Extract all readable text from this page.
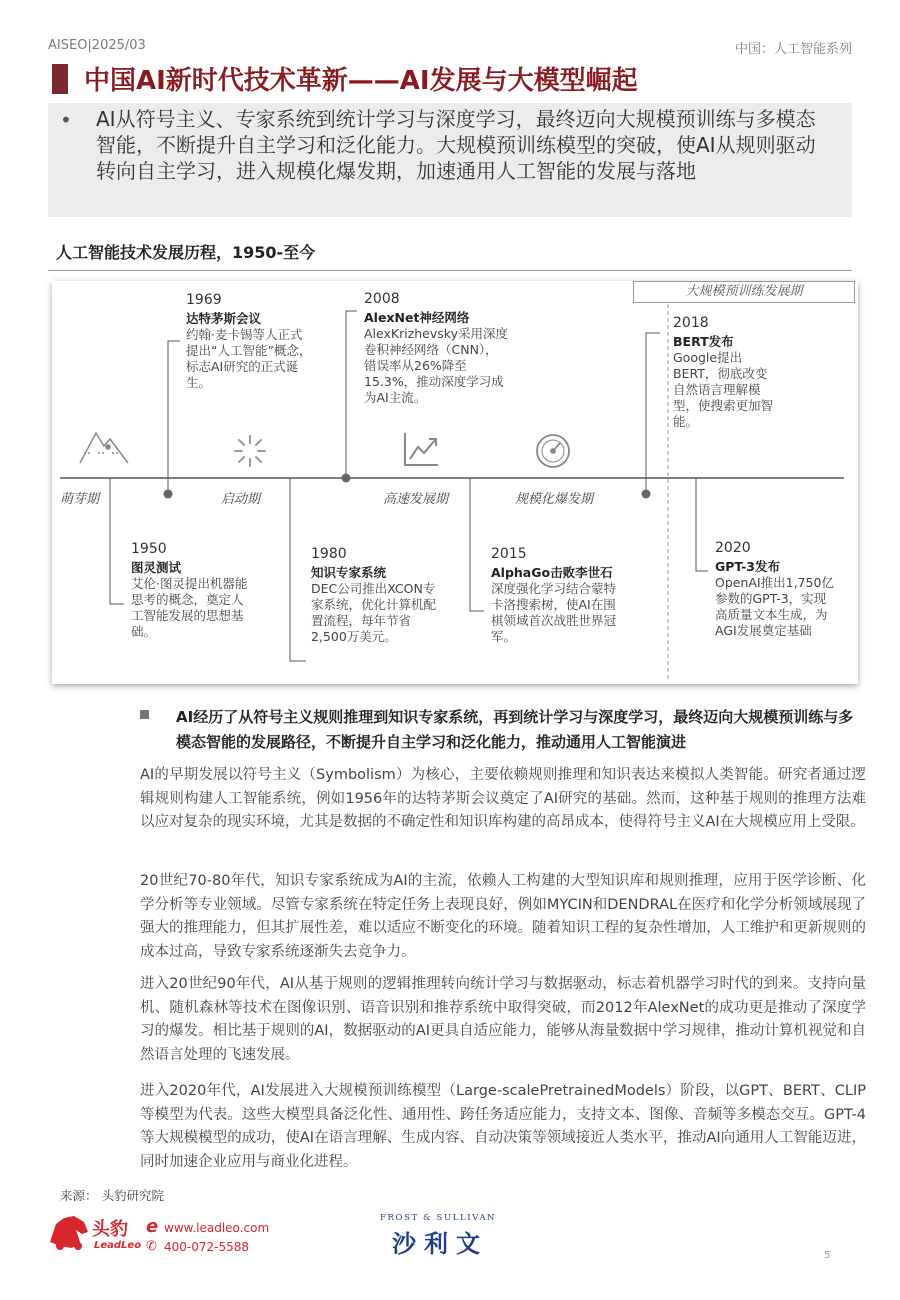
AISEO|2025/03	中国：人工智能系列
中国AI新时代技术革新——AI发展与大模型崛起
• AI从符号主义、专家系统到统计学习与深度学习，最终迈向大规模预训练与多模态智能，不断提升自主学习和泛化能力。大规模预训练模型的突破，使AI从规则驱动转向自主学习，进入规模化爆发期，加速通用人工智能的发展与落地
人工智能技术发展历程，1950-至今
大规模预训练发展期
萌芽期	启动期	高速发展期	规模化爆发期
1969
达特茅斯会议
约翰·麦卡锡等人正式提出“人工智能”概念，标志AI研究的正式诞生。
2008
AlexNet神经网络
AlexKrizhevsky采用深度卷积神经网络（CNN），错误率从26%降至15.3%，推动深度学习成为AI主流。
2018
BERT发布
Google提出BERT，彻底改变自然语言理解模型，使搜索更加智能。
1950
图灵测试
艾伦·图灵提出机器能思考的概念，奠定人工智能发展的思想基础。
1980
知识专家系统
DEC公司推出XCON专家系统，优化计算机配置流程，每年节省2,500万美元。
2015
AlphaGo击败李世石
深度强化学习结合蒙特卡洛搜索树，使AI在围棋领域首次战胜世界冠军。
2020
GPT-3发布
OpenAI推出1,750亿参数的GPT-3，实现高质量文本生成，为AGI发展奠定基础
AI经历了从符号主义规则推理到知识专家系统，再到统计学习与深度学习，最终迈向大规模预训练与多模态智能的发展路径，不断提升自主学习和泛化能力，推动通用人工智能演进
AI的早期发展以符号主义（Symbolism）为核心，主要依赖规则推理和知识表达来模拟人类智能。研究者通过逻辑规则构建人工智能系统，例如1956年的达特茅斯会议奠定了AI研究的基础。然而，这种基于规则的推理方法难以应对复杂的现实环境，尤其是数据的不确定性和知识库构建的高昂成本，使得符号主义AI在大规模应用上受限。
20世纪70-80年代，知识专家系统成为AI的主流，依赖人工构建的大型知识库和规则推理，应用于医学诊断、化学分析等专业领域。尽管专家系统在特定任务上表现良好，例如MYCIN和DENDRAL在医疗和化学分析领域展现了强大的推理能力，但其扩展性差，难以适应不断变化的环境。随着知识工程的复杂性增加，人工维护和更新规则的成本过高，导致专家系统逐渐失去竞争力。
进入20世纪90年代，AI从基于规则的逻辑推理转向统计学习与数据驱动，标志着机器学习时代的到来。支持向量机、随机森林等技术在图像识别、语音识别和推荐系统中取得突破，而2012年AlexNet的成功更是推动了深度学习的爆发。相比基于规则的AI，数据驱动的AI更具自适应能力，能够从海量数据中学习规律，推动计算机视觉和自然语言处理的飞速发展。
进入2020年代，AI发展进入大规模预训练模型（Large-scalePretrainedModels）阶段，以GPT、BERT、CLIP等模型为代表。这些大模型具备泛化性、通用性、跨任务适应能力，支持文本、图像、音频等多模态交互。GPT-4等大规模模型的成功，使AI在语言理解、生成内容、自动决策等领域接近人类水平，推动AI向通用人工智能迈进，同时加速企业应用与商业化进程。
来源： 头豹研究院
头豹
LeadLeo
e www.leadleo.com
✆ 400-072-5588
FROST & SULLIVAN
沙利文	5
